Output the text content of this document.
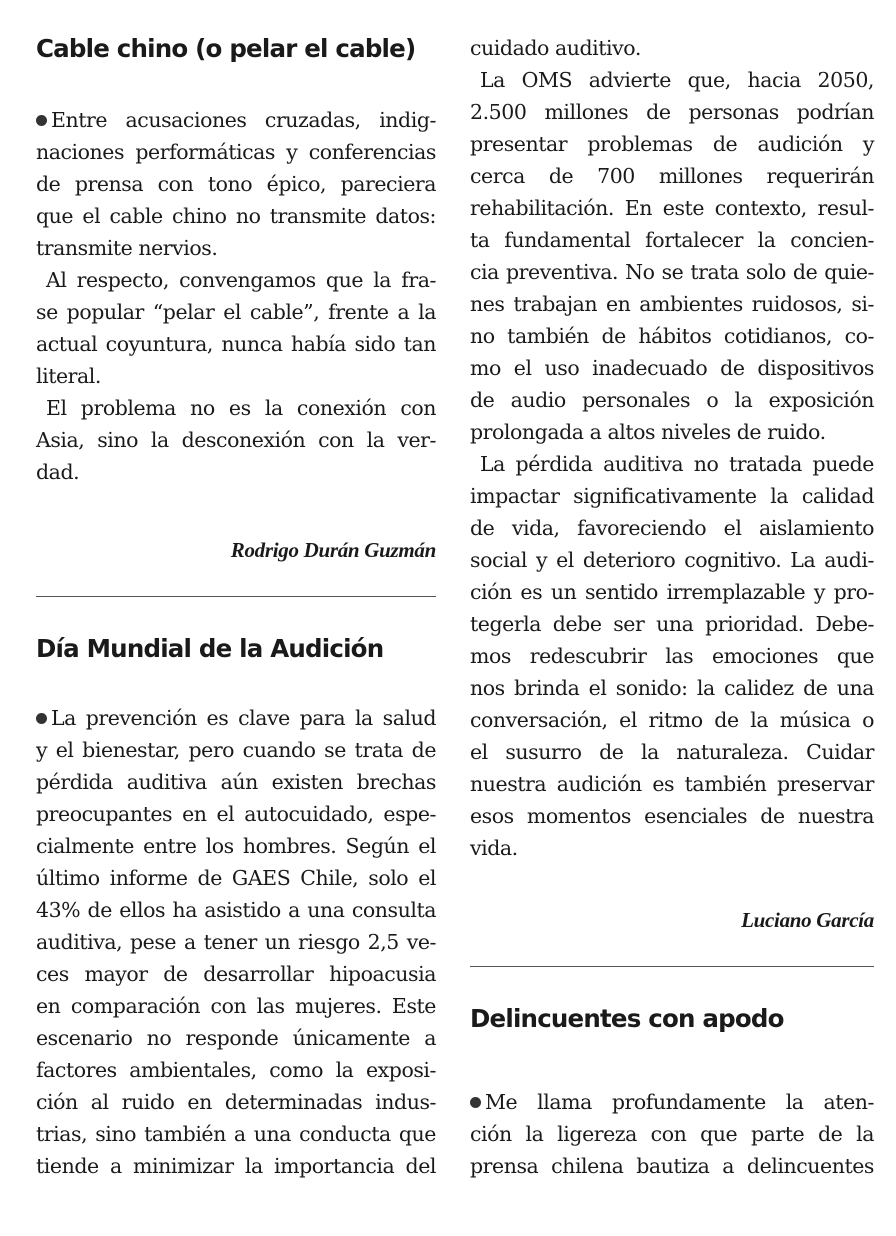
Cable chino (o pelar el cable)
Entre acusaciones cruzadas, indig-
naciones performáticas y conferencias
de prensa con tono épico, pareciera
que el cable chino no transmite datos:
transmite nervios.
Al respecto, convengamos que la fra-
se popular “pelar el cable”, frente a la
actual coyuntura, nunca había sido tan
literal.
El problema no es la conexión con
Asia, sino la desconexión con la ver-
dad.
Rodrigo Durán Guzmán
Día Mundial de la Audición
La prevención es clave para la salud
y el bienestar, pero cuando se trata de
pérdida auditiva aún existen brechas
preocupantes en el autocuidado, espe-
cialmente entre los hombres. Según el
último informe de GAES Chile, solo el
43% de ellos ha asistido a una consulta
auditiva, pese a tener un riesgo 2,5 ve-
ces mayor de desarrollar hipoacusia
en comparación con las mujeres. Este
escenario no responde únicamente a
factores ambientales, como la exposi-
ción al ruido en determinadas indus-
trias, sino también a una conducta que
tiende a minimizar la importancia del
cuidado auditivo.
La OMS advierte que, hacia 2050,
2.500 millones de personas podrían
presentar problemas de audición y
cerca de 700 millones requerirán
rehabilitación. En este contexto, resul-
ta fundamental fortalecer la concien-
cia preventiva. No se trata solo de quie-
nes trabajan en ambientes ruidosos, si-
no también de hábitos cotidianos, co-
mo el uso inadecuado de dispositivos
de audio personales o la exposición
prolongada a altos niveles de ruido.
La pérdida auditiva no tratada puede
impactar significativamente la calidad
de vida, favoreciendo el aislamiento
social y el deterioro cognitivo. La audi-
ción es un sentido irremplazable y pro-
tegerla debe ser una prioridad. Debe-
mos redescubrir las emociones que
nos brinda el sonido: la calidez de una
conversación, el ritmo de la música o
el susurro de la naturaleza. Cuidar
nuestra audición es también preservar
esos momentos esenciales de nuestra
vida.
Luciano García
Delincuentes con apodo
Me llama profundamente la aten-
ción la ligereza con que parte de la
prensa chilena bautiza a delincuentes
